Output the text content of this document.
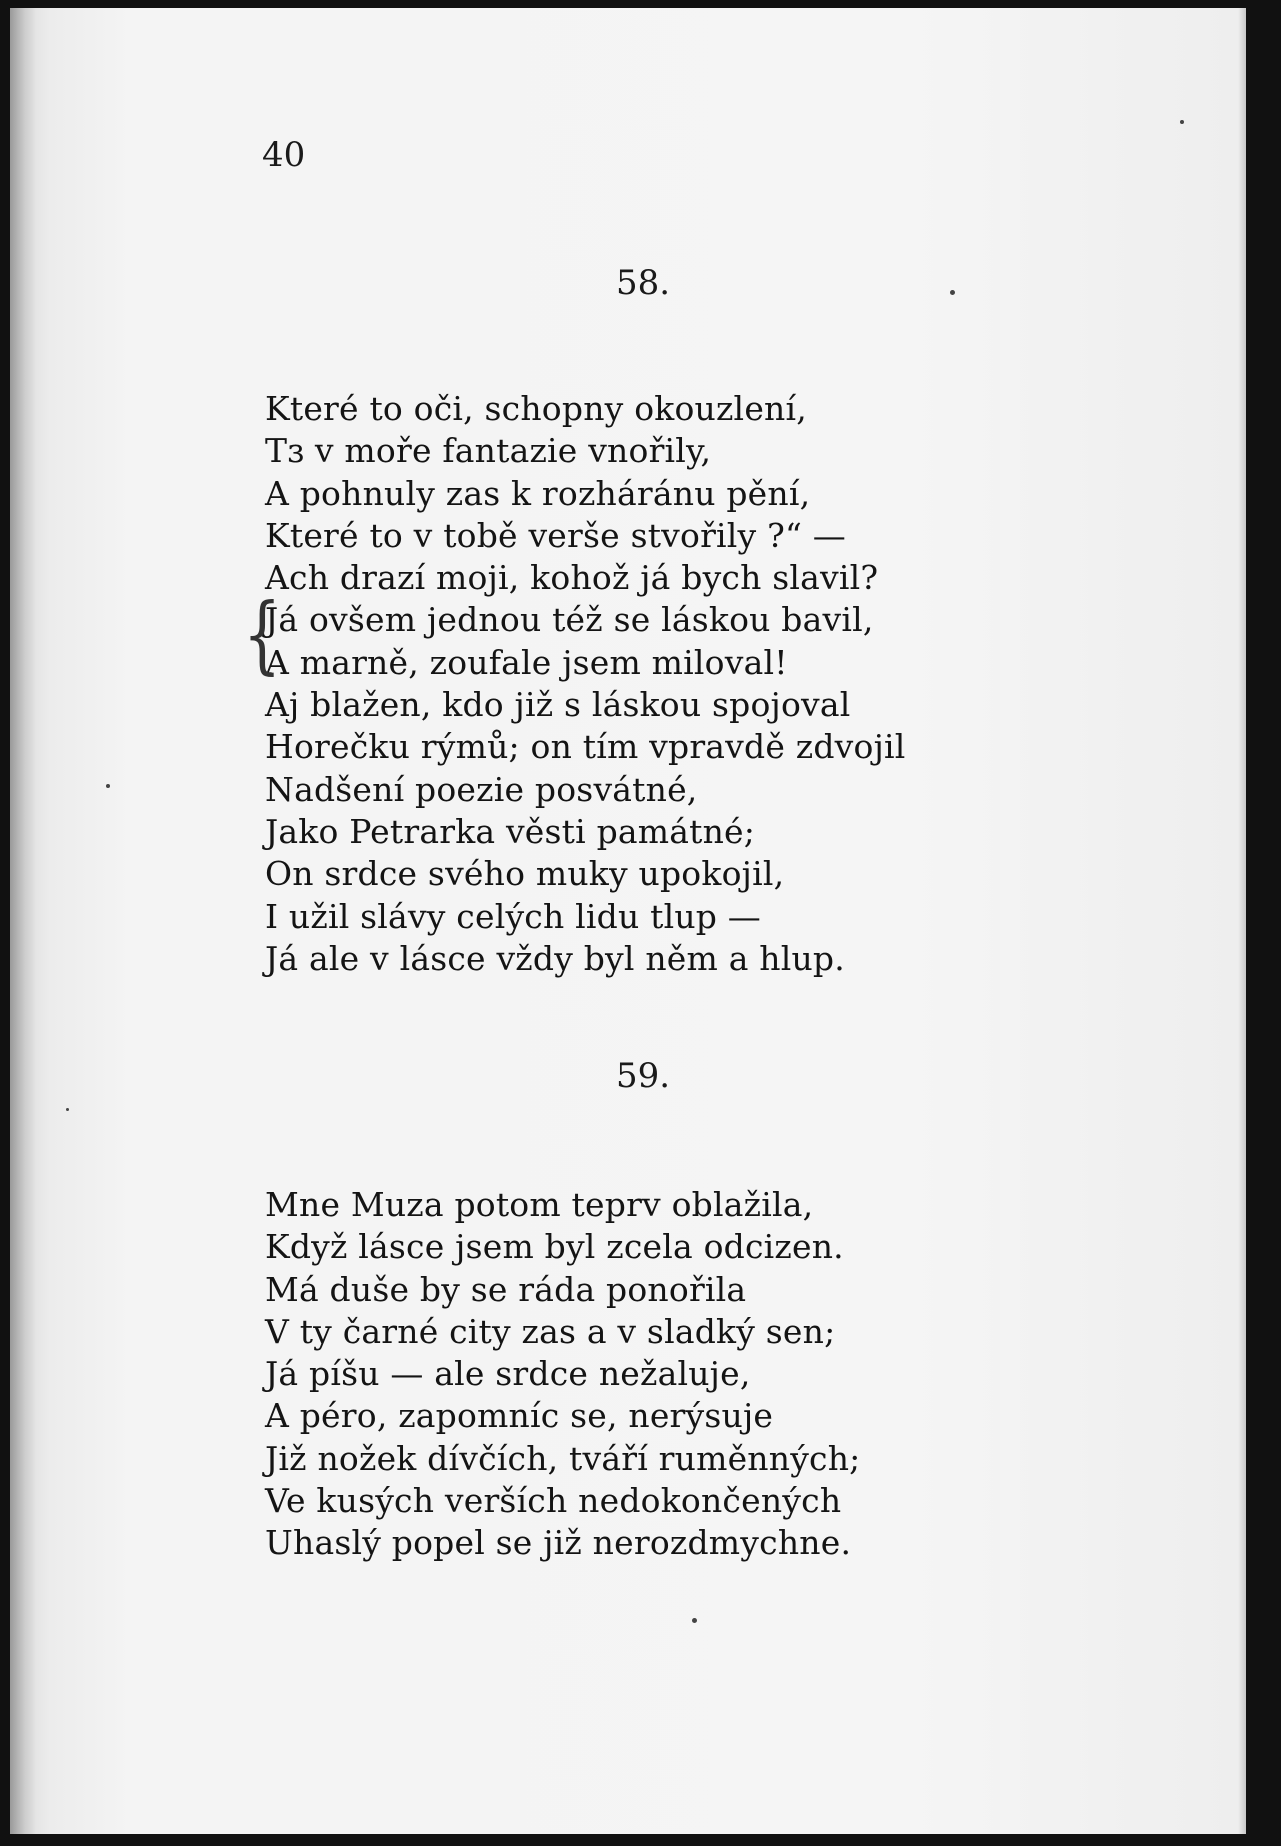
40
58.
Které to oči, schopny okouzlení,
Tɜ v moře fantazie vnořily,
A pohnuly zas k rozháránu pění,
Které to v tobě verše stvořily ?“ —
Ach drazí moji, kohož já bych slavil?
Já ovšem jednou též se láskou bavil,
A marně, zoufale jsem miloval!
Aj blažen, kdo již s láskou spojoval
Horečku rýmů; on tím vpravdě zdvojil
Nadšení poezie posvátné,
Jako Petrarka věsti památné;
On srdce svého muky upokojil,
I užil slávy celých lidu tlup —
Já ale v lásce vždy byl něm a hlup.
{
59.
Mne Muza potom teprv oblažila,
Když lásce jsem byl zcela odcizen.
Má duše by se ráda ponořila
V ty čarné city zas a v sladký sen;
Já píšu — ale srdce nežaluje,
A péro, zapomníc se, nerýsuje
Již nožek dívčích, tváří ruměnných;
Ve kusých verších nedokončených
Uhaslý popel se již nerozdmychne.
